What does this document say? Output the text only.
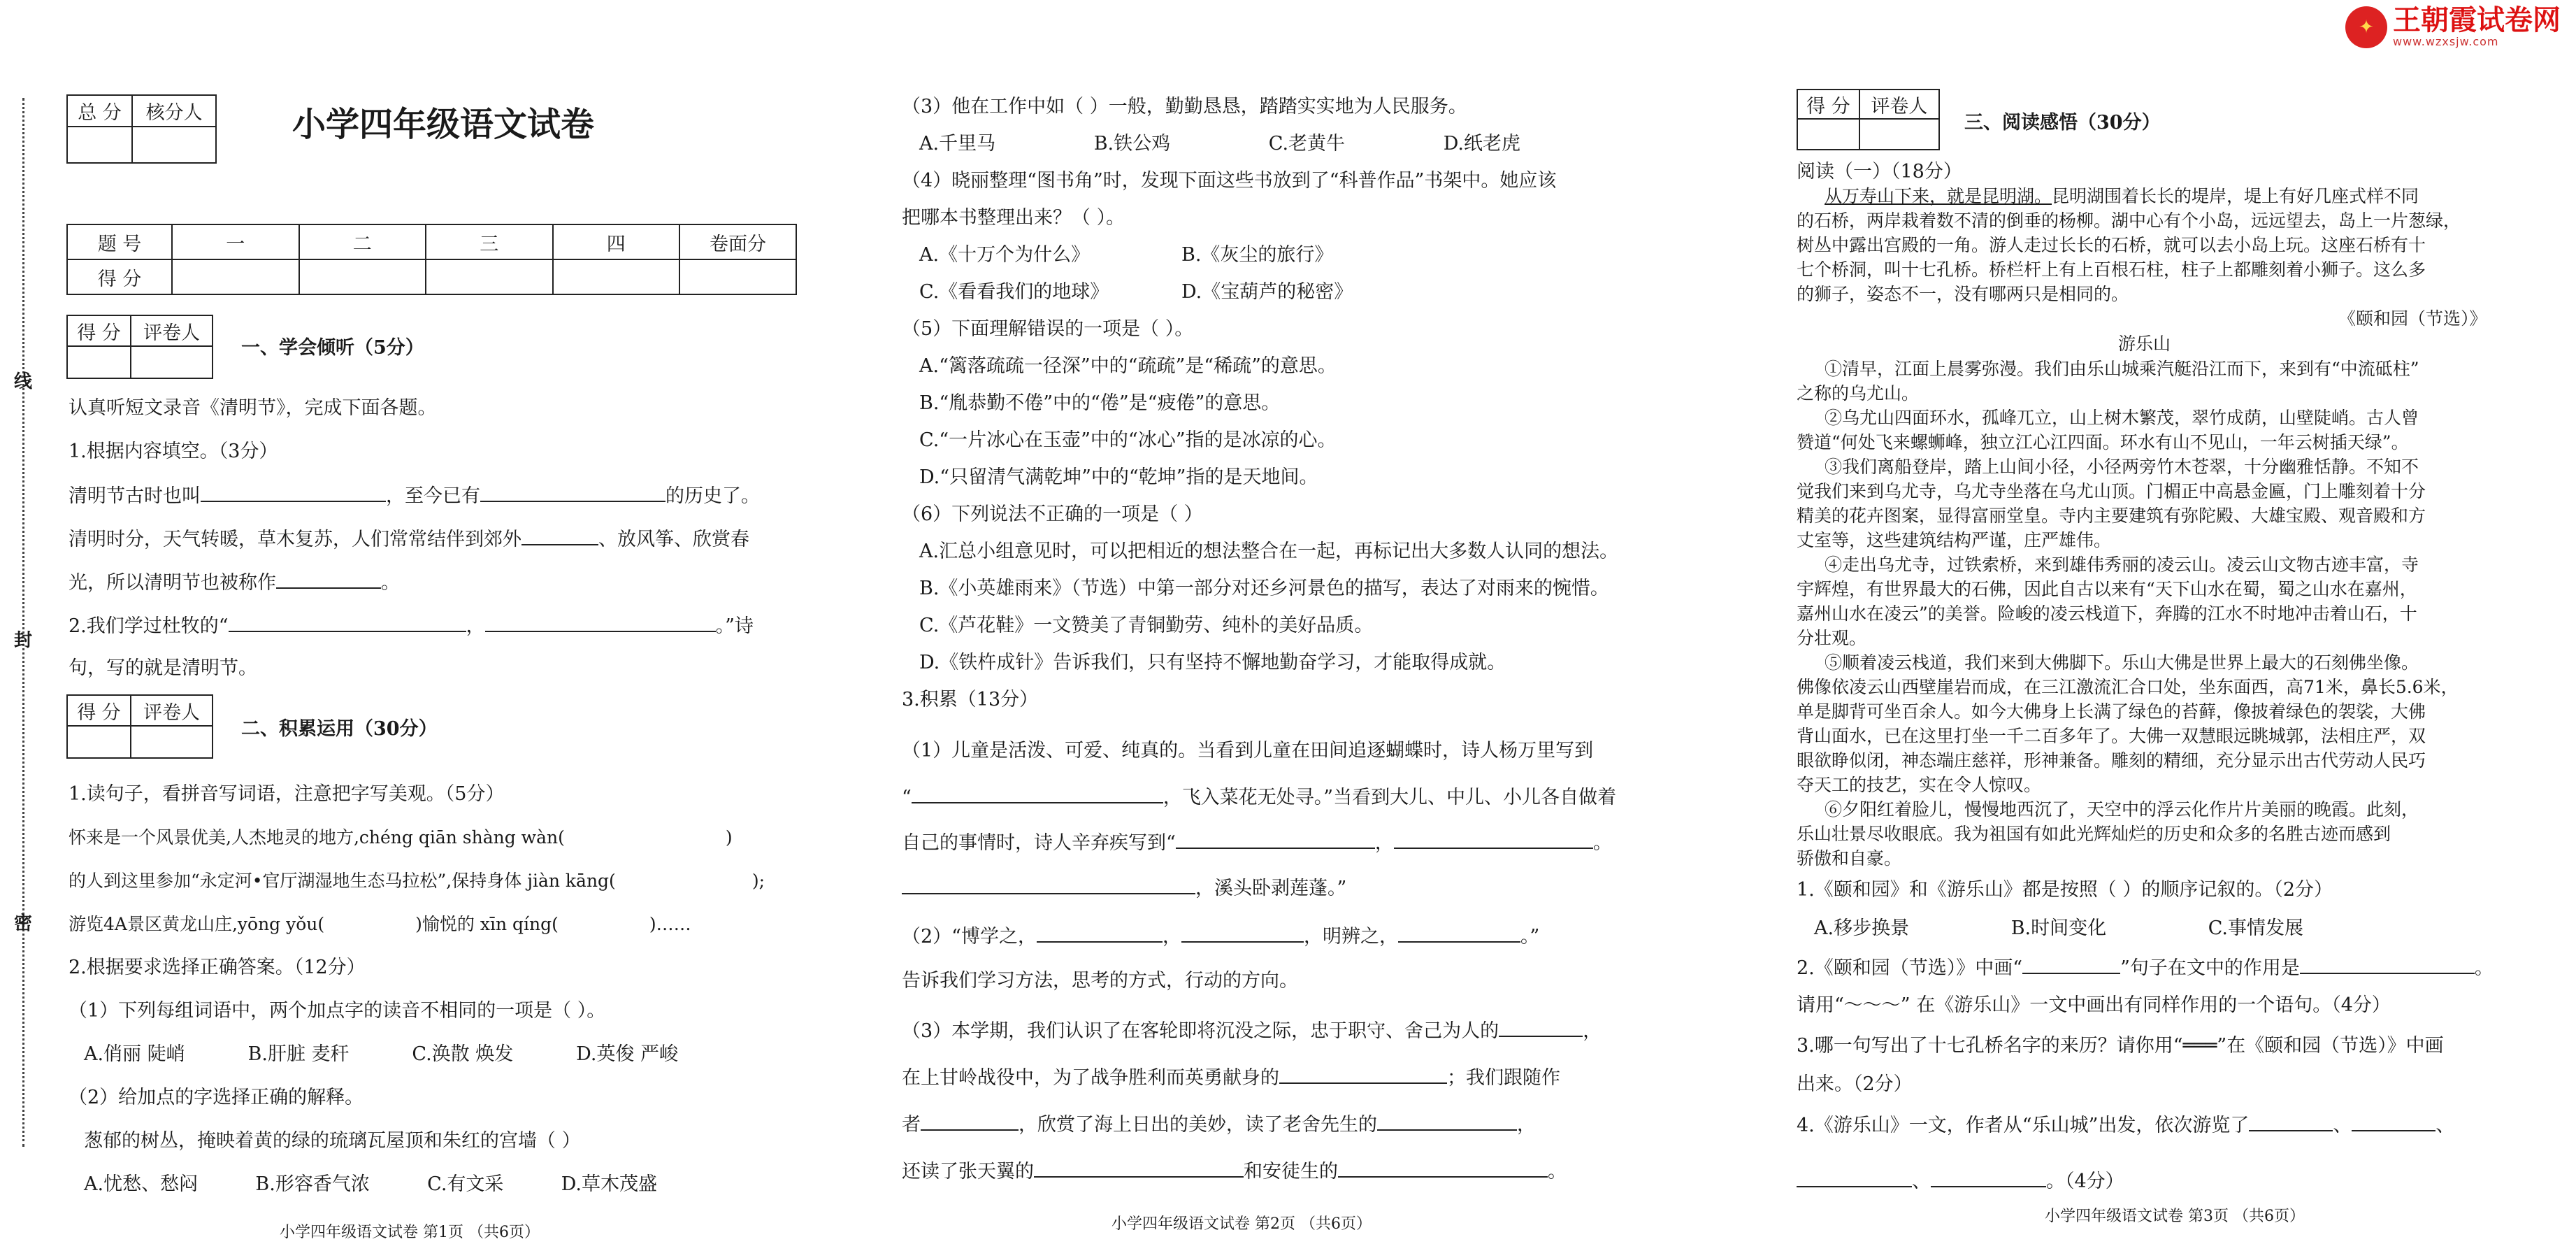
线
封
密
✦ 王朝霞试卷网
www.wzxsjw.com
总 分	核分人
		小学四年级语文试卷
题 号	一	二	三	四	卷面分
得 分					
得 分	评卷人

一、学会倾听（5分）
认真听短文录音《清明节》，完成下面各题。
1.根据内容填空。（3分）
清明节古时也叫	，至今已有	的历史了。
清明时分，天气转暖，草木复苏，人们常常结伴到郊外	、放风筝、欣赏春
光，所以清明节也被称作	。
2.我们学过杜牧的“	，	。”诗
句，写的就是清明节。
得 分	评卷人

二、积累运用（30分）
1.读句子，看拼音写词语，注意把字写美观。（5分）
怀来是一个风景优美,人杰地灵的地方,chéng qiān shàng wàn(	)
的人到这里参加“永定河•官厅湖湿地生态马拉松”,保持身体 jiàn kāng(	);
游览4A景区黄龙山庄,yōng yǒu(	)愉悦的 xīn qíng(	)……
2.根据要求选择正确答案。（12分）
（1）下列每组词语中，两个加点字的读音不相同的一项是（ ）。
A.俏丽 陡峭	B.肝脏 麦秆	C.涣散 焕发	D.英俊 严峻
（2）给加点的字选择正确的解释。
葱郁的树丛，掩映着黄的绿的琉璃瓦屋顶和朱红的宫墙（ ）
A.忧愁、愁闷	B.形容香气浓	C.有文采	D.草木茂盛
小学四年级语文试卷 第1页 （共6页）
（3）他在工作中如（ ）一般，勤勤恳恳，踏踏实实地为人民服务。
A.千里马	B.铁公鸡	C.老黄牛	D.纸老虎
（4）晓丽整理“图书角”时，发现下面这些书放到了“科普作品”书架中。她应该
把哪本书整理出来？（ ）。
A.《十万个为什么》	B.《灰尘的旅行》
C.《看看我们的地球》	D.《宝葫芦的秘密》
（5）下面理解错误的一项是（ ）。
A.“篱落疏疏一径深”中的“疏疏”是“稀疏”的意思。
B.“胤恭勤不倦”中的“倦”是“疲倦”的意思。
C.“一片冰心在玉壶”中的“冰心”指的是冰凉的心。
D.“只留清气满乾坤”中的“乾坤”指的是天地间。
（6）下列说法不正确的一项是（ ）
A.汇总小组意见时，可以把相近的想法整合在一起，再标记出大多数人认同的想法。
B.《小英雄雨来》（节选）中第一部分对还乡河景色的描写，表达了对雨来的惋惜。
C.《芦花鞋》一文赞美了青铜勤劳、纯朴的美好品质。
D.《铁杵成针》告诉我们，只有坚持不懈地勤奋学习，才能取得成就。
3.积累（13分）
（1）儿童是活泼、可爱、纯真的。当看到儿童在田间追逐蝴蝶时，诗人杨万里写到
“	，飞入菜花无处寻。”当看到大儿、中儿、小儿各自做着
自己的事情时，诗人辛弃疾写到“	，	。
，溪头卧剥莲蓬。”
（2）“博学之，	，	，明辨之，	。”
告诉我们学习方法，思考的方式，行动的方向。
（3）本学期，我们认识了在客轮即将沉没之际，忠于职守、舍己为人的	，
在上甘岭战役中，为了战争胜利而英勇献身的	；我们跟随作
者	，欣赏了海上日出的美妙，读了老舍先生的	，
还读了张天翼的	和安徒生的	。
小学四年级语文试卷 第2页 （共6页）
得 分	评卷人

三、阅读感悟（30分）
阅读（一）（18分）
从万寿山下来，就是昆明湖。昆明湖围着长长的堤岸，堤上有好几座式样不同
的石桥，两岸栽着数不清的倒垂的杨柳。湖中心有个小岛，远远望去，岛上一片葱绿，
树丛中露出宫殿的一角。游人走过长长的石桥，就可以去小岛上玩。这座石桥有十
七个桥洞，叫十七孔桥。桥栏杆上有上百根石柱，柱子上都雕刻着小狮子。这么多
的狮子，姿态不一，没有哪两只是相同的。
《颐和园（节选）》
游乐山
①清早，江面上晨雾弥漫。我们由乐山城乘汽艇沿江而下，来到有“中流砥柱”
之称的乌尤山。
②乌尤山四面环水，孤峰兀立，山上树木繁茂，翠竹成荫，山壁陡峭。古人曾
赞道“何处飞来螺蛳峰，独立江心江四面。环水有山不见山，一年云树插天绿”。
③我们离船登岸，踏上山间小径，小径两旁竹木苍翠，十分幽雅恬静。不知不
觉我们来到乌尤寺，乌尤寺坐落在乌尤山顶。门楣正中高悬金匾，门上雕刻着十分
精美的花卉图案，显得富丽堂皇。寺内主要建筑有弥陀殿、大雄宝殿、观音殿和方
丈室等，这些建筑结构严谨，庄严雄伟。
④走出乌尤寺，过铁索桥，来到雄伟秀丽的凌云山。凌云山文物古迹丰富，寺
宇辉煌，有世界最大的石佛，因此自古以来有“天下山水在蜀，蜀之山水在嘉州，
嘉州山水在凌云”的美誉。险峻的凌云栈道下，奔腾的江水不时地冲击着山石，十
分壮观。
⑤顺着凌云栈道，我们来到大佛脚下。乐山大佛是世界上最大的石刻佛坐像。
佛像依凌云山西壁崖岩而成，在三江激流汇合口处，坐东面西，高71米，鼻长5.6米，
单是脚背可坐百余人。如今大佛身上长满了绿色的苔藓，像披着绿色的袈裟，大佛
背山面水，已在这里打坐一千二百多年了。大佛一双慧眼远眺城郭，法相庄严，双
眼欲睁似闭，神态端庄慈祥，形神兼备。雕刻的精细，充分显示出古代劳动人民巧
夺天工的技艺，实在令人惊叹。
⑥夕阳红着脸儿，慢慢地西沉了，天空中的浮云化作片片美丽的晚霞。此刻，
乐山壮景尽收眼底。我为祖国有如此光辉灿烂的历史和众多的名胜古迹而感到
骄傲和自豪。
1.《颐和园》和《游乐山》都是按照（ ）的顺序记叙的。（2分）
A.移步换景	B.时间变化	C.事情发展
2.《颐和园（节选）》中画“	”句子在文中的作用是	。
请用“～～～” 在《游乐山》一文中画出有同样作用的一个语句。（4分）
3.哪一句写出了十七孔桥名字的来历？请你用“═══”在《颐和园（节选）》中画
出来。（2分）
4.《游乐山》一文，作者从“乐山城”出发，依次游览了	、	、
、	。（4分）
小学四年级语文试卷 第3页 （共6页）
